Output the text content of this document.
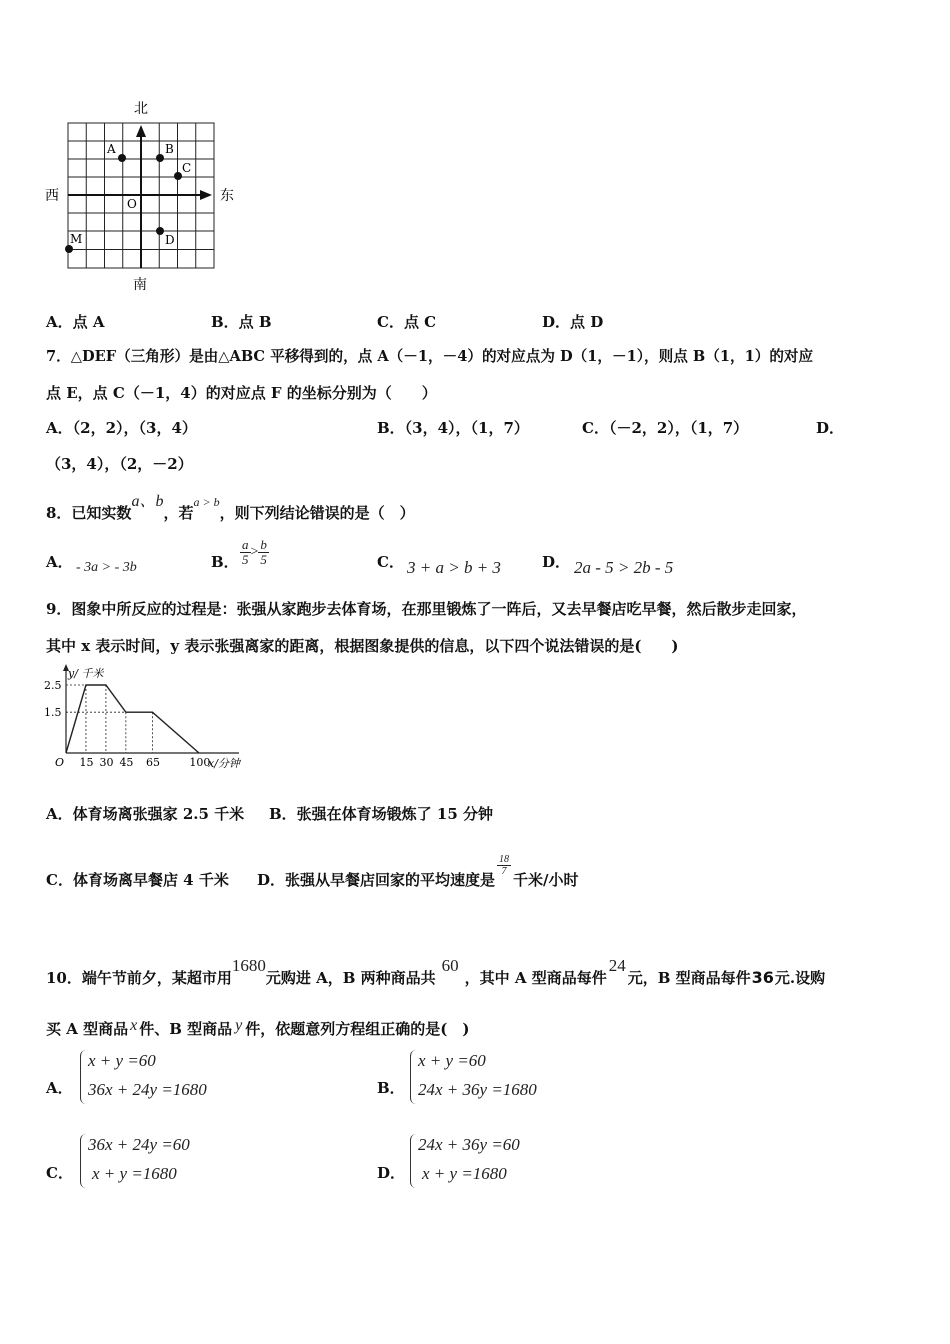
北
南
西	东
O
A	B
C
D
M
A．点 A	B．点 B	C．点 C	D．点 D
7．△DEF（三角形）是由△ABC 平移得到的，点 A（－1，－4）的对应点为 D（1，－1），则点 B（1，1）的对应
点 E，点 C（－1，4）的对应点 F 的坐标分别为（　　）
A．（2，2），（3，4）	B．（3，4），（1，7）	C．（－2，2），（1，7）	D．
（3，4），（2，－2）
8．已知实数a、b，若$^{a > b}$，则下列结论错误的是（　）
A． - 3a > - 3b	B． $\frac{a}{5} > \frac{b}{5}$	C． 3 + a > b + 3	D． 2a - 5 > 2b - 5
9．图象中所反应的过程是：张强从家跑步去体育场，在那里锻炼了一阵后，又去早餐店吃早餐，然后散步走回家，
其中 x 表示时间，y 表示张强离家的距离，根据图象提供的信息，以下四个说法错误的是(　　)
y/ 千米
x/分钟
O
2.5
1.5
15 30 45 65	100
A．体育场离张强家 2.5 千米 B．张强在体育场锻炼了 15 分钟
C．体育场离早餐店 4 千米 D．张强从早餐店回家的平均速度是
$\frac{18}{7}$
千米/小时
10．端午节前夕，某超市用1680元购进 A，B 两种商品共60，其中 A 型商品每件24元，B 型商品每件36元.设购
买 A 型商品 x 件、B 型商品 y 件，依题意列方程组正确的是(　)
A．
x + y =60
36x + 24y =1680	B．
x + y =60
24x + 36y =1680
C．
36x + 24y =60
x + y =1680	D．
24x + 36y =60
x + y =1680
